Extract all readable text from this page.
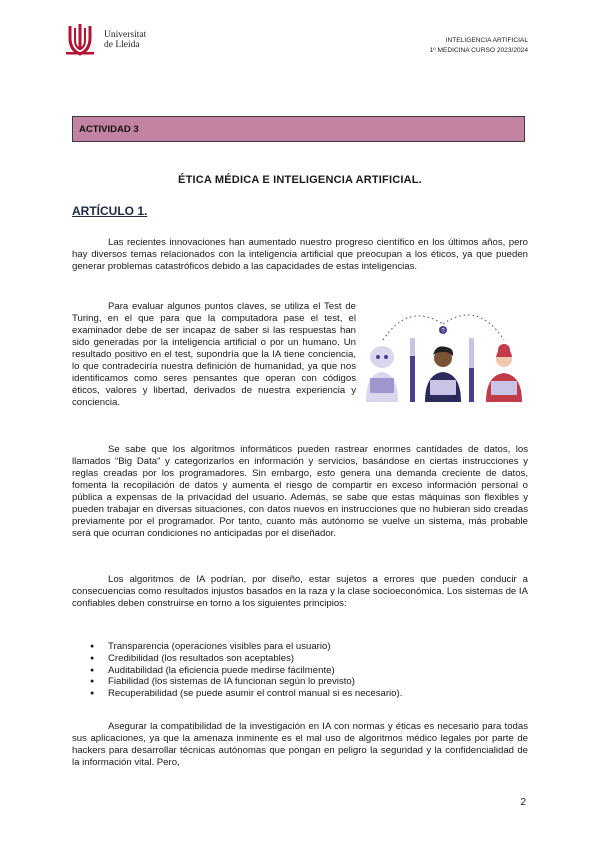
Universitat
de Lleida	INTELIGENCIA ARTIFICIAL
1º MEDICINA CURSO 2023/2024
ACTIVIDAD 3
ÉTICA MÉDICA E INTELIGENCIA ARTIFICIAL.
ARTÍCULO 1.

Las recientes innovaciones han aumentado nuestro progreso científico en los últimos años, pero hay diversos temas relacionados con la inteligencia artificial que preocupan a los éticos, ya que pueden generar problemas catastróficos debido a las capacidades de estas inteligencias.

Para evaluar algunos puntos claves, se utiliza el Test de Turing, en el que para que la computadora pase el test, el examinador debe de ser incapaz de saber si las respuestas han sido generadas por la inteligencia artificial o por un humano. Un resultado positivo en el test, supondría que la IA tiene conciencia, lo que contradeciría nuestra definición de humanidad, ya que nos identificamos como seres pensantes que operan con códigos éticos, valores y libertad, derivados de nuestra experiencia y conciencia.

?

Se sabe que los algoritmos informáticos pueden rastrear enormes cantidades de datos, los llamados “Big Data” y categorizarlos en información y servicios, basándose en ciertas instrucciones y reglas creadas por los programadores. Sin embargo, esto genera una demanda creciente de datos, fomenta la recopilación de datos y aumenta el riesgo de compartir en exceso información personal o pública a expensas de la privacidad del usuario. Además, se sabe que estas máquinas son flexibles y pueden trabajar en diversas situaciones, con datos nuevos en instrucciones que no hubieran sido creadas previamente por el programador. Por tanto, cuanto más autónomo se vuelve un sistema, más probable será que ocurran condiciones no anticipadas por el diseñador.

Los algoritmos de IA podrían, por diseño, estar sujetos a errores que pueden conducir a consecuencias como resultados injustos basados en la raza y la clase socioeconómica. Los sistemas de IA confiables deben construirse en torno a los siguientes principios:

● Transparencia (operaciones visibles para el usuario)
● Credibilidad (los resultados son aceptables)
● Auditabilidad (la eficiencia puede medirse fácilmente)
● Fiabilidad (los sistemas de IA funcionan según lo previsto)
● Recuperabilidad (se puede asumir el control manual si es necesario).

Asegurar la compatibilidad de la investigación en IA con normas y éticas es necesario para todas sus aplicaciones, ya que la amenaza inminente es el mal uso de algoritmos médico legales por parte de hackers para desarrollar técnicas autónomas que pongan en peligro la seguridad y la confidencialidad de la información vital. Pero,

2
